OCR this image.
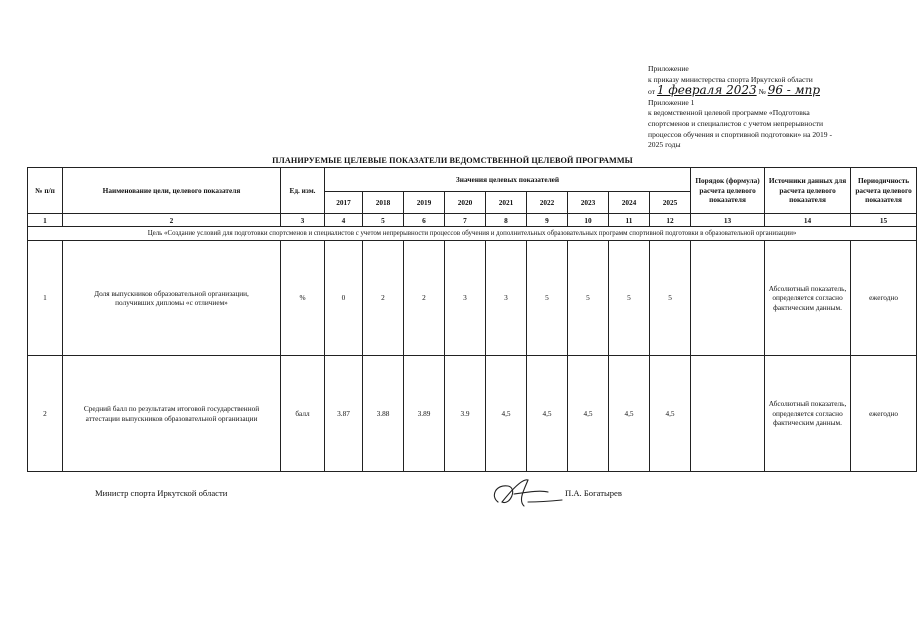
Приложение
к приказу министерства спорта Иркутской области
от 1 февраля 2023 № 96 - мпр
Приложение 1
к ведомственной целевой программе «Подготовка
спортсменов и специалистов с учетом непрерывности
процессов обучения и спортивной подготовки» на 2019 -
2025 годы
ПЛАНИРУЕМЫЕ ЦЕЛЕВЫЕ ПОКАЗАТЕЛИ ВЕДОМСТВЕННОЙ ЦЕЛЕВОЙ ПРОГРАММЫ
№ п/п	Наименование цели, целевого показателя	Ед. изм.	Значения целевых показателей									Порядок (формула) расчета целевого показателя	Источники данных для расчета целевого показателя	Периодичность расчета целевого показателя
			2017	2018	2019	2020	2021	2022	2023	2024	2025			
1	2	3	4	5	6	7	8	9	10	11	12	13	14	15
Цель «Создание условий для подготовки спортсменов и специалистов с учетом непрерывности процессов обучения и дополнительных образовательных программ спортивной подготовки в образовательной организации»														
1	Доля выпускников образовательной организации, получивших дипломы «с отличием»	%	0	2	2	3	3	5	5	5	5		Абсолютный показатель, определяется согласно фактическим данным.	ежегодно
2	Средний балл по результатам итоговой государственной аттестации выпускников образовательной организации	балл	3.87	3.88	3.89	3.9	4,5	4,5	4,5	4,5	4,5		Абсолютный показатель, определяется согласно фактическим данным.	ежегодно
Министр спорта Иркутской области	П.А. Богатырев
